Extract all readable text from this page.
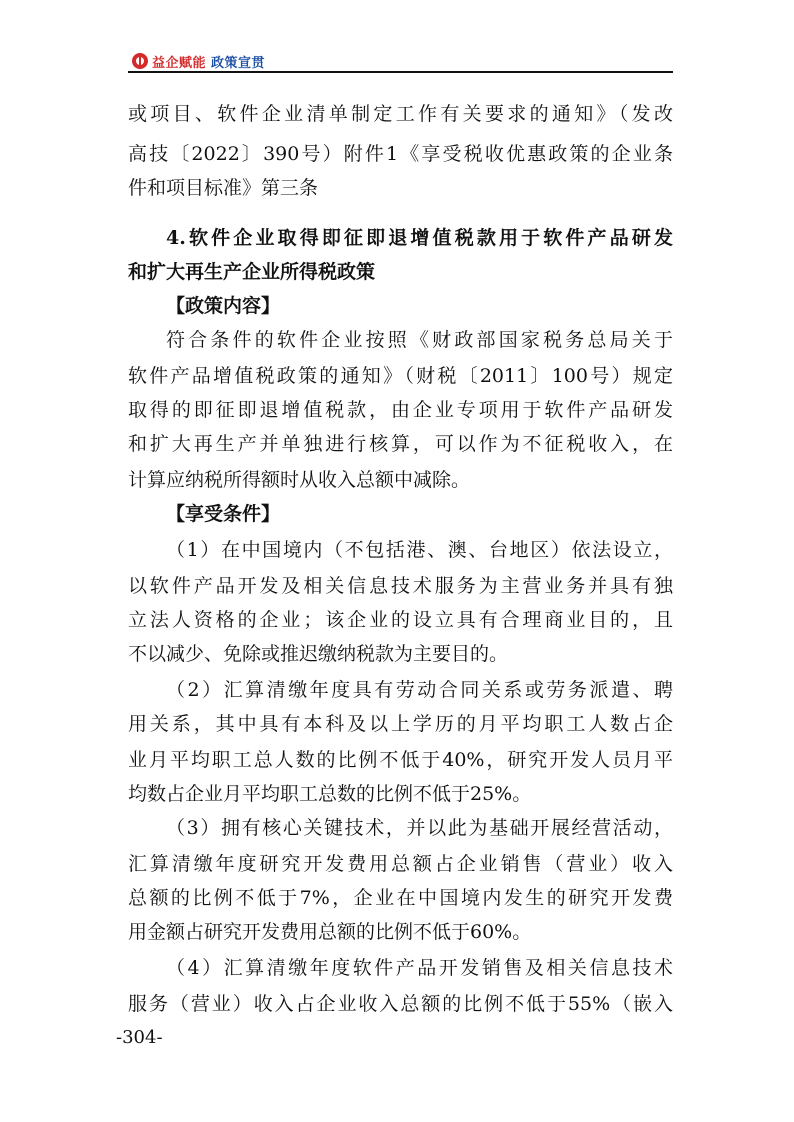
益企赋能 政策宣贯
或项目、软件企业清单制定工作有关要求的通知》（发改
高技〔2022〕390号）附件1《享受税收优惠政策的企业条
件和项目标准》第三条
4.软件企业取得即征即退增值税款用于软件产品研发
和扩大再生产企业所得税政策
【政策内容】
符合条件的软件企业按照《财政部国家税务总局关于
软件产品增值税政策的通知》（财税〔2011〕100号）规定
取得的即征即退增值税款，由企业专项用于软件产品研发
和扩大再生产并单独进行核算，可以作为不征税收入，在
计算应纳税所得额时从收入总额中减除。
【享受条件】
（1）在中国境内（不包括港、澳、台地区）依法设立，
以软件产品开发及相关信息技术服务为主营业务并具有独
立法人资格的企业；该企业的设立具有合理商业目的，且
不以减少、免除或推迟缴纳税款为主要目的。
（2）汇算清缴年度具有劳动合同关系或劳务派遣、聘
用关系，其中具有本科及以上学历的月平均职工人数占企
业月平均职工总人数的比例不低于40%，研究开发人员月平
均数占企业月平均职工总数的比例不低于25%。
（3）拥有核心关键技术，并以此为基础开展经营活动，
汇算清缴年度研究开发费用总额占企业销售（营业）收入
总额的比例不低于7%，企业在中国境内发生的研究开发费
用金额占研究开发费用总额的比例不低于60%。
（4）汇算清缴年度软件产品开发销售及相关信息技术
服务（营业）收入占企业收入总额的比例不低于55%（嵌入
-304-
